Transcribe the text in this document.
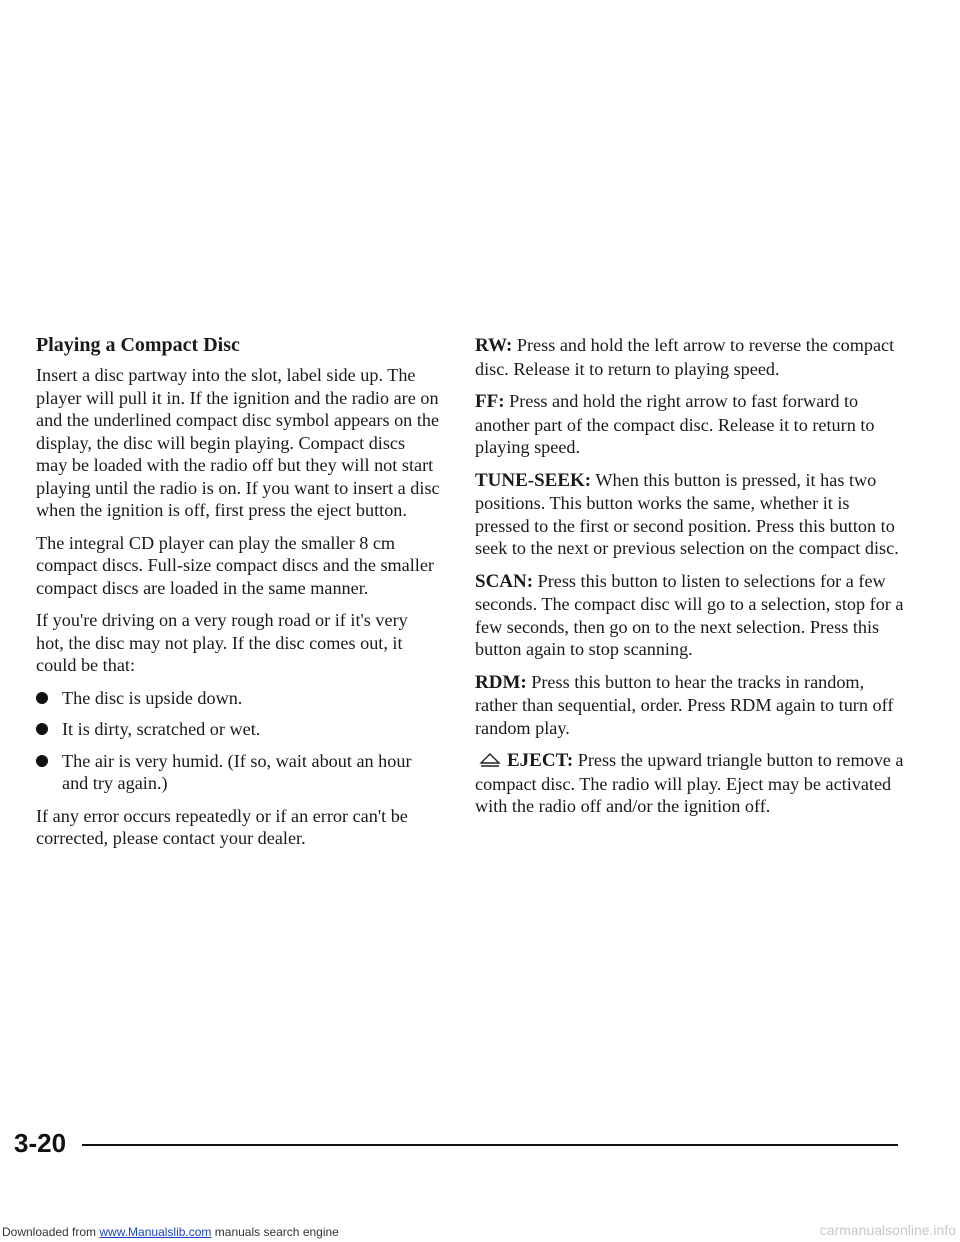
Playing a Compact Disc

Insert a disc partway into the slot, label side up. The player will pull it in. If the ignition and the radio are on and the underlined compact disc symbol appears on the display, the disc will begin playing. Compact discs may be loaded with the radio off but they will not start playing until the radio is on. If you want to insert a disc when the ignition is off, first press the eject button.

The integral CD player can play the smaller 8 cm compact discs. Full-size compact discs and the smaller compact discs are loaded in the same manner.

If you're driving on a very rough road or if it's very hot, the disc may not play. If the disc comes out, it could be that:

The disc is upside down.
It is dirty, scratched or wet.
The air is very humid. (If so, wait about an hour and try again.)

If any error occurs repeatedly or if an error can't be corrected, please contact your dealer.

RW: Press and hold the left arrow to reverse the compact disc. Release it to return to playing speed.

FF: Press and hold the right arrow to fast forward to another part of the compact disc. Release it to return to playing speed.

TUNE-SEEK: When this button is pressed, it has two positions. This button works the same, whether it is pressed to the first or second position. Press this button to seek to the next or previous selection on the compact disc.

SCAN: Press this button to listen to selections for a few seconds. The compact disc will go to a selection, stop for a few seconds, then go on to the next selection. Press this button again to stop scanning.

RDM: Press this button to hear the tracks in random, rather than sequential, order. Press RDM again to turn off random play.

EJECT: Press the upward triangle button to remove a compact disc. The radio will play. Eject may be activated with the radio off and/or the ignition off.

3-20
Downloaded from www.Manualslib.com manuals search engine	carmanualsonline.info
